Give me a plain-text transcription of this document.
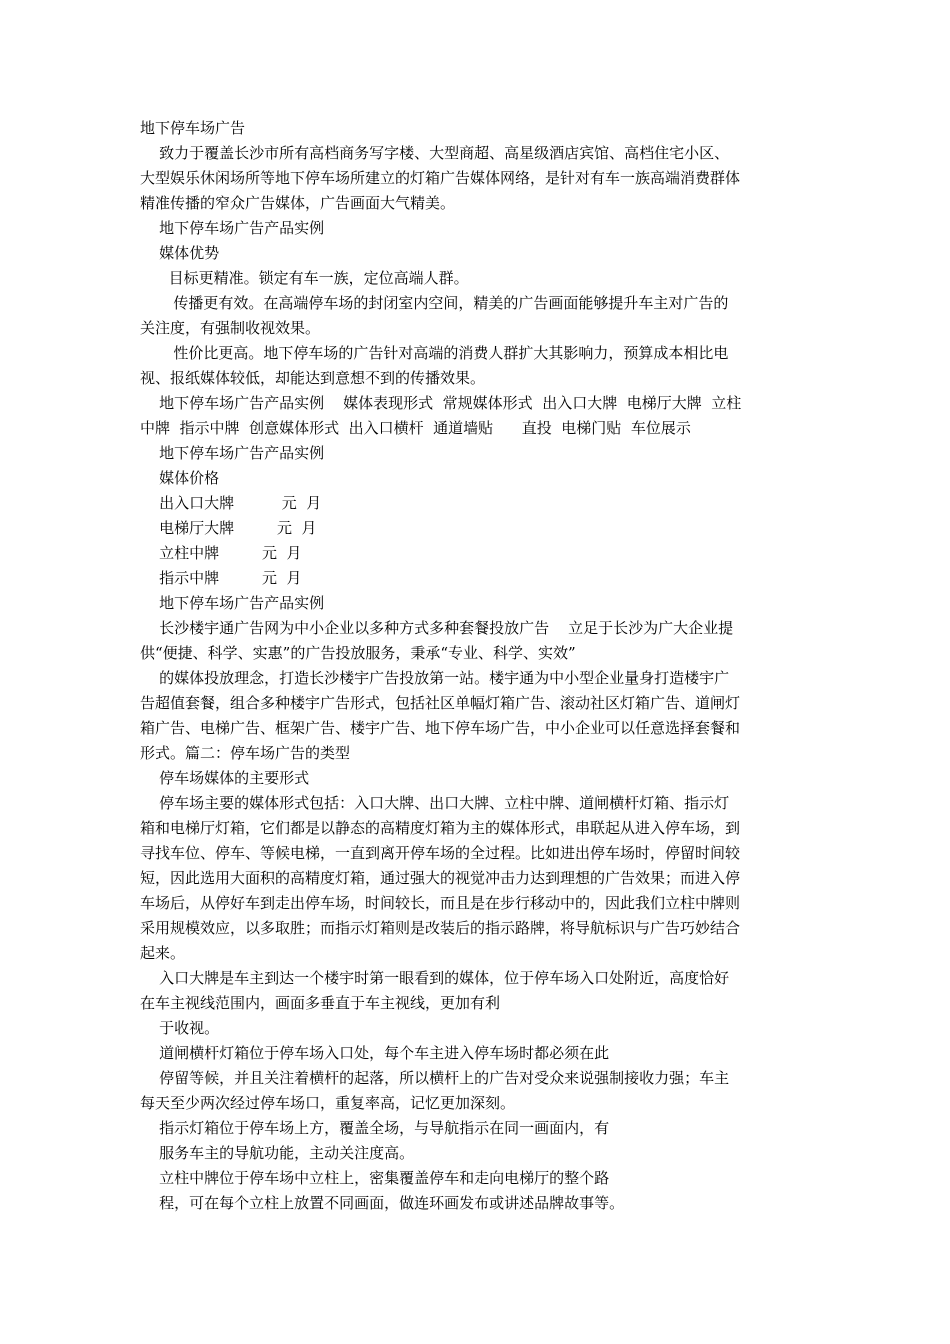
地下停车场广告
致力于覆盖长沙市所有高档商务写字楼、大型商超、高星级酒店宾馆、高档住宅小区、
大型娱乐休闲场所等地下停车场所建立的灯箱广告媒体网络，是针对有车一族高端消费群体
精准传播的窄众广告媒体，广告画面大气精美。
地下停车场广告产品实例
媒体优势
目标更精准。锁定有车一族，定位高端人群。
传播更有效。在高端停车场的封闭室内空间，精美的广告画面能够提升车主对广告的
关注度，有强制收视效果。
性价比更高。地下停车场的广告针对高端的消费人群扩大其影响力，预算成本相比电
视、报纸媒体较低，却能达到意想不到的传播效果。
地下停车场广告产品实例    媒体表现形式  常规媒体形式  出入口大牌  电梯厅大牌  立柱
中牌  指示中牌  创意媒体形式  出入口横杆  通道墙贴      直投  电梯门贴  车位展示
地下停车场广告产品实例
媒体价格
出入口大牌          元  月
电梯厅大牌         元  月
立柱中牌         元  月
指示中牌         元  月
地下停车场广告产品实例
长沙楼宇通广告网为中小企业以多种方式多种套餐投放广告    立足于长沙为广大企业提
供“便捷、科学、实惠”的广告投放服务，秉承“专业、科学、实效”
的媒体投放理念，打造长沙楼宇广告投放第一站。楼宇通为中小型企业量身打造楼宇广
告超值套餐，组合多种楼宇广告形式，包括社区单幅灯箱广告、滚动社区灯箱广告、道闸灯
箱广告、电梯广告、框架广告、楼宇广告、地下停车场广告，中小企业可以任意选择套餐和
形式。篇二：停车场广告的类型
停车场媒体的主要形式
停车场主要的媒体形式包括：入口大牌、出口大牌、立柱中牌、道闸横杆灯箱、指示灯
箱和电梯厅灯箱，它们都是以静态的高精度灯箱为主的媒体形式，串联起从进入停车场，到
寻找车位、停车、等候电梯，一直到离开停车场的全过程。比如进出停车场时，停留时间较
短，因此选用大面积的高精度灯箱，通过强大的视觉冲击力达到理想的广告效果；而进入停
车场后，从停好车到走出停车场，时间较长，而且是在步行移动中的，因此我们立柱中牌则
采用规模效应，以多取胜；而指示灯箱则是改装后的指示路牌，将导航标识与广告巧妙结合
起来。
入口大牌是车主到达一个楼宇时第一眼看到的媒体，位于停车场入口处附近，高度恰好
在车主视线范围内，画面多垂直于车主视线，更加有利
于收视。
道闸横杆灯箱位于停车场入口处，每个车主进入停车场时都必须在此
停留等候，并且关注着横杆的起落，所以横杆上的广告对受众来说强制接收力强；车主
每天至少两次经过停车场口，重复率高，记忆更加深刻。
指示灯箱位于停车场上方，覆盖全场，与导航指示在同一画面内，有
服务车主的导航功能，主动关注度高。
立柱中牌位于停车场中立柱上，密集覆盖停车和走向电梯厅的整个路
程，可在每个立柱上放置不同画面，做连环画发布或讲述品牌故事等。
